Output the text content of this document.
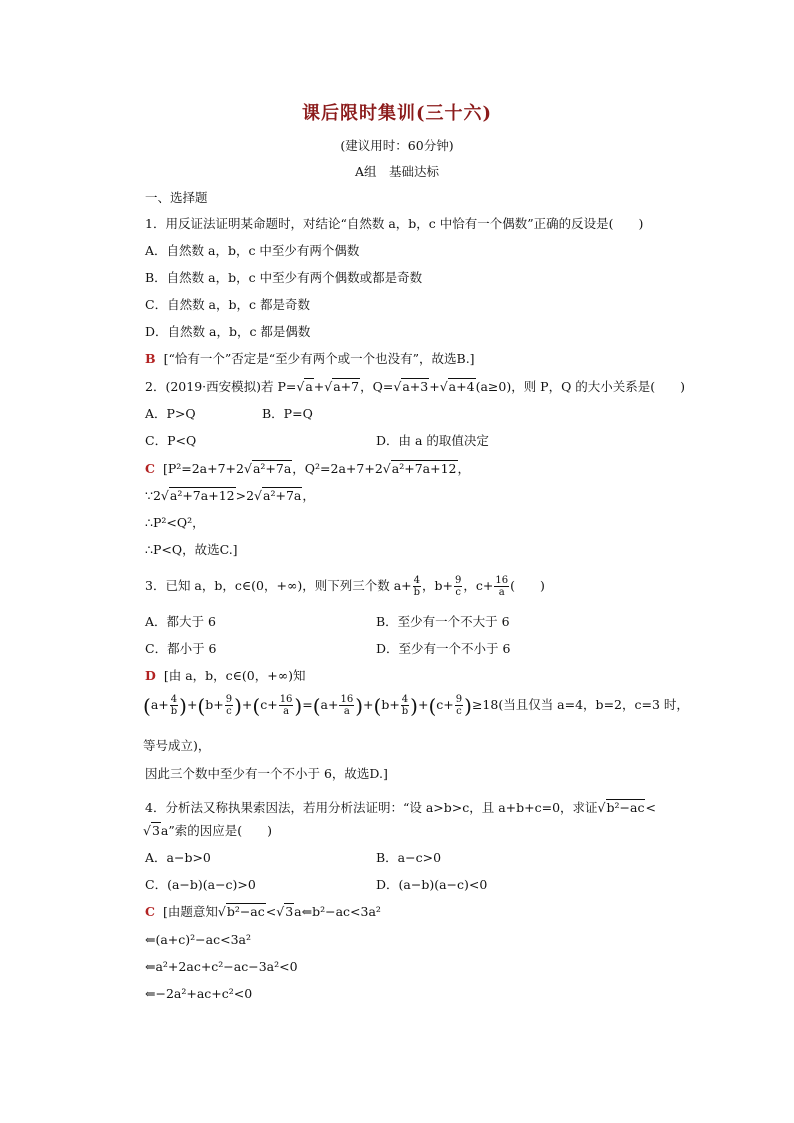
课后限时集训(三十六)
(建议用时：60分钟)
A组　基础达标
一、选择题
1．用反证法证明某命题时，对结论“自然数 a，b，c 中恰有一个偶数”正确的反设是(　　)
A．自然数 a，b，c 中至少有两个偶数
B．自然数 a，b，c 中至少有两个偶数或都是奇数
C．自然数 a，b，c 都是奇数
D．自然数 a，b，c 都是偶数
B [“恰有一个”否定是“至少有两个或一个也没有”，故选B.]
2．(2019·西安模拟)若 P=√a+√a+7，Q=√a+3+√a+4(a≥0)，则 P，Q 的大小关系是(　　)
A．P>Q	B．P=Q
C．P<Q	D．由 a 的取值决定
C [P²=2a+7+2√a²+7a，Q²=2a+7+2√a²+7a+12，
∵2√a²+7a+12>2√a²+7a，
∴P²<Q²，
∴P<Q，故选C.]
3．已知 a，b，c∈(0，+∞)，则下列三个数 $a+ \frac{4}{b}$ ，$b+ \frac{9}{c}$ ，$c+ \frac{16}{a}$ (　　)
A．都大于 6	B．至少有一个不大于 6
C．都小于 6	D．至少有一个不小于 6
D [由 a，b，c∈(0，+∞)知
$(a+ \frac{4}{b} )+(b+ \frac{9}{c} )+(c+ \frac{16}{a} )=(a+ \frac{16}{a} )+(b+ \frac{4}{b} )+(c+ \frac{9}{c} )\ge 18$(当且仅当 a=4，b=2，c=3 时，
等号成立)，
因此三个数中至少有一个不小于 6，故选D.]
4．分析法又称执果索因法，若用分析法证明：“设 a>b>c，且 a+b+c=0，求证√b²−ac<
√3a”索的因应是(　　)
A．a−b>0	B．a−c>0
C．(a−b)(a−c)>0	D．(a−b)(a−c)<0
C [由题意知√b²−ac<√3a⇐b²−ac<3a²
⇐(a+c)²−ac<3a²
⇐a²+2ac+c²−ac−3a²<0
⇐−2a²+ac+c²<0
